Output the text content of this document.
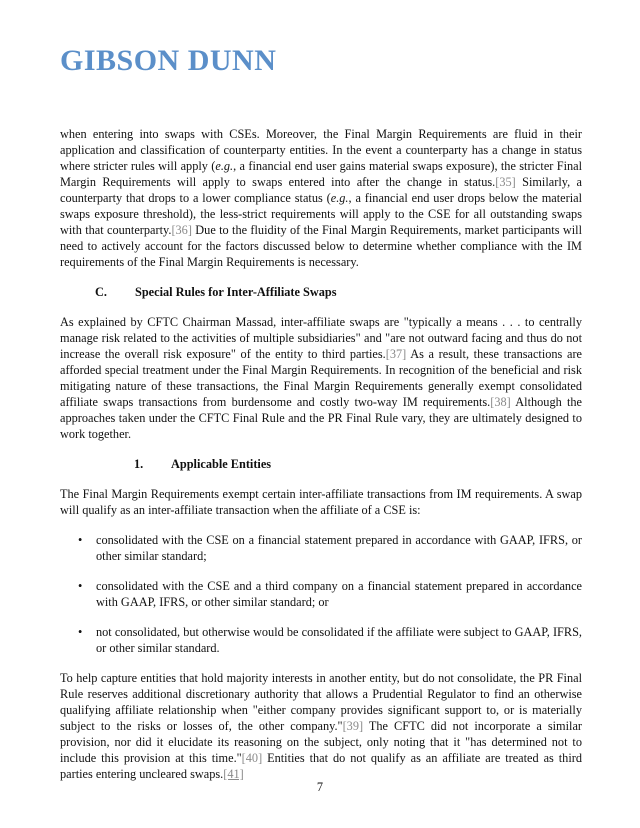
GIBSON DUNN

when entering into swaps with CSEs. Moreover, the Final Margin Requirements are fluid in their application and classification of counterparty entities. In the event a counterparty has a change in status where stricter rules will apply (e.g., a financial end user gains material swaps exposure), the stricter Final Margin Requirements will apply to swaps entered into after the change in status.[35] Similarly, a counterparty that drops to a lower compliance status (e.g., a financial end user drops below the material swaps exposure threshold), the less-strict requirements will apply to the CSE for all outstanding swaps with that counterparty.[36] Due to the fluidity of the Final Margin Requirements, market participants will need to actively account for the factors discussed below to determine whether compliance with the IM requirements of the Final Margin Requirements is necessary.

C. Special Rules for Inter-Affiliate Swaps

As explained by CFTC Chairman Massad, inter-affiliate swaps are "typically a means . . . to centrally manage risk related to the activities of multiple subsidiaries" and "are not outward facing and thus do not increase the overall risk exposure" of the entity to third parties.[37] As a result, these transactions are afforded special treatment under the Final Margin Requirements. In recognition of the beneficial and risk mitigating nature of these transactions, the Final Margin Requirements generally exempt consolidated affiliate swaps transactions from burdensome and costly two-way IM requirements.[38] Although the approaches taken under the CFTC Final Rule and the PR Final Rule vary, they are ultimately designed to work together.

1. Applicable Entities

The Final Margin Requirements exempt certain inter-affiliate transactions from IM requirements. A swap will qualify as an inter-affiliate transaction when the affiliate of a CSE is:

• consolidated with the CSE on a financial statement prepared in accordance with GAAP, IFRS, or other similar standard;
• consolidated with the CSE and a third company on a financial statement prepared in accordance with GAAP, IFRS, or other similar standard; or
• not consolidated, but otherwise would be consolidated if the affiliate were subject to GAAP, IFRS, or other similar standard.

To help capture entities that hold majority interests in another entity, but do not consolidate, the PR Final Rule reserves additional discretionary authority that allows a Prudential Regulator to find an otherwise qualifying affiliate relationship when "either company provides significant support to, or is materially subject to the risks or losses of, the other company."[39] The CFTC did not incorporate a similar provision, nor did it elucidate its reasoning on the subject, only noting that it "has determined not to include this provision at this time."[40] Entities that do not qualify as an affiliate are treated as third parties entering uncleared swaps.[41]

7
